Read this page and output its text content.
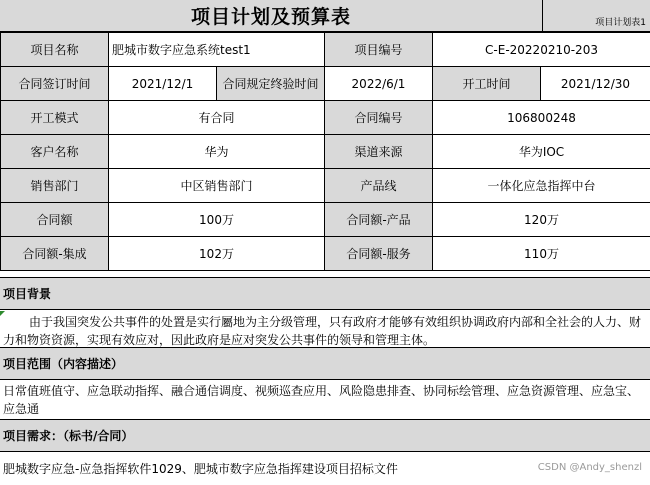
项目计划及预算表	项目计划表1
项目名称	肥城市数字应急系统test1		项目编号	C-E-20220210-203	
合同签订时间	2021/12/1	合同规定终验时间	2022/6/1	开工时间	2021/12/30
开工模式	有合同		合同编号	106800248	
客户名称	华为		渠道来源	华为IOC	
销售部门	中区销售部门		产品线	一体化应急指挥中台	
合同额	100万		合同额-产品	120万	
合同额-集成	102万		合同额-服务	110万	
项目背景
由于我国突发公共事件的处置是实行屬地为主分级管理，只有政府才能够有效组织协调政府内部和全社会的人力、财力和物资资源，实现有效应对，因此政府是应对突发公共事件的领导和管理主体。
项目范围（内容描述）
日常值班值守、应急联动指挥、融合通信调度、视频巡查应用、风险隐患排查、协同标绘管理、应急资源管理、应急宝、应急通
项目需求：（标书/合同）
肥城数字应急-应急指挥软件1029、肥城市数字应急指挥建设项目招标文件	CSDN @Andy_shenzl
